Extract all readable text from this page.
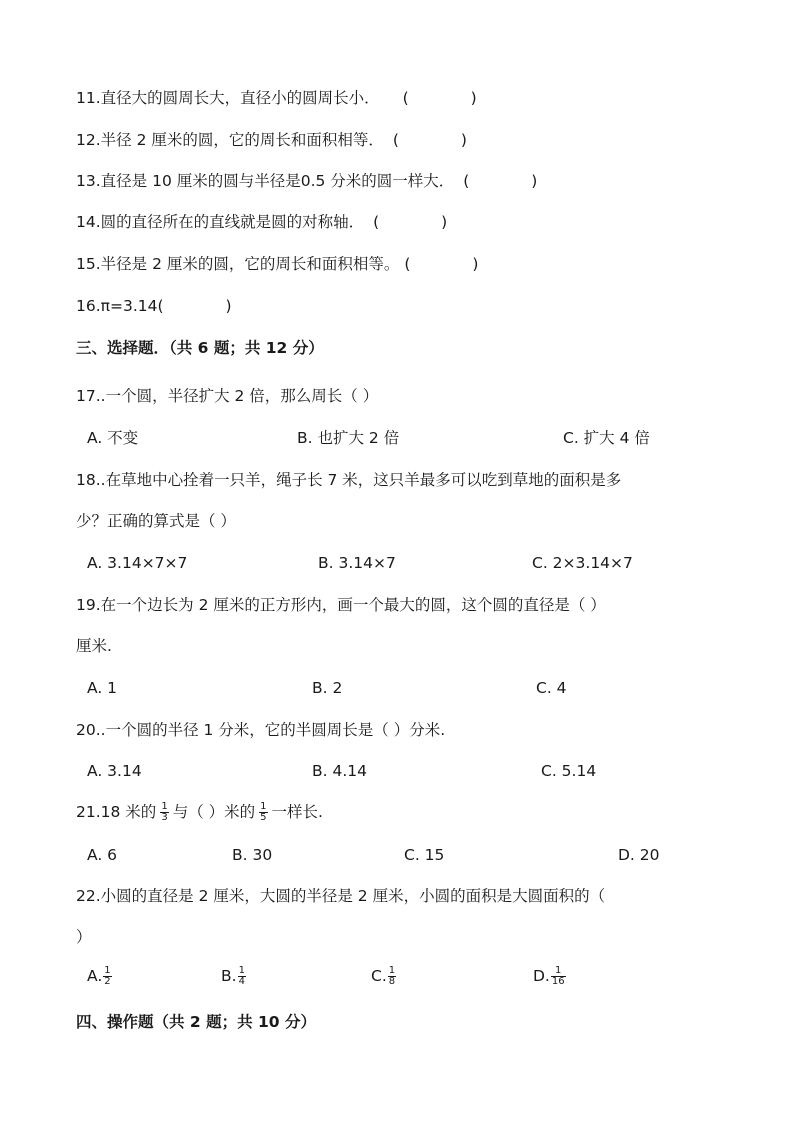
11.直径大的圆周长大，直径小的圆周长小． (　　　　)
12.半径 2 厘米的圆，它的周长和面积相等． (　　　　)
13.直径是 10 厘米的圆与半径是0.5 分米的圆一样大． (　　　　)
14.圆的直径所在的直线就是圆的对称轴． (　　　　)
15.半径是 2 厘米的圆，它的周长和面积相等。 (　　　　)
16.π=3.14(　　　　)
三、选择题．（共 6 题；共 12 分）
17..一个圆，半径扩大 2 倍，那么周长（ ）
A. 不变	B. 也扩大 2 倍	C. 扩大 4 倍
18..在草地中心拴着一只羊，绳子长 7 米，这只羊最多可以吃到草地的面积是多
少？正确的算式是（ ）
A. 3.14×7×7	B. 3.14×7	C. 2×3.14×7
19.在一个边长为 2 厘米的正方形内，画一个最大的圆，这个圆的直径是（ ）
厘米.
A. 1	B. 2	C. 4
20..一个圆的半径 1 分米，它的半圆周长是（ ）分米.
A. 3.14	B. 4.14	C. 5.14
21.18 米的 $\frac{1}{3}$ 与（ ）米的 $\frac{1}{5}$ 一样长.
A. 6	B. 30	C. 15	D. 20
22.小圆的直径是 2 厘米，大圆的半径是 2 厘米，小圆的面积是大圆面积的（
）
A. $\frac{1}{2}$	B. $\frac{1}{4}$	C. $\frac{1}{8}$	D. $\frac{1}{16}$
四、操作题（共 2 题；共 10 分）
